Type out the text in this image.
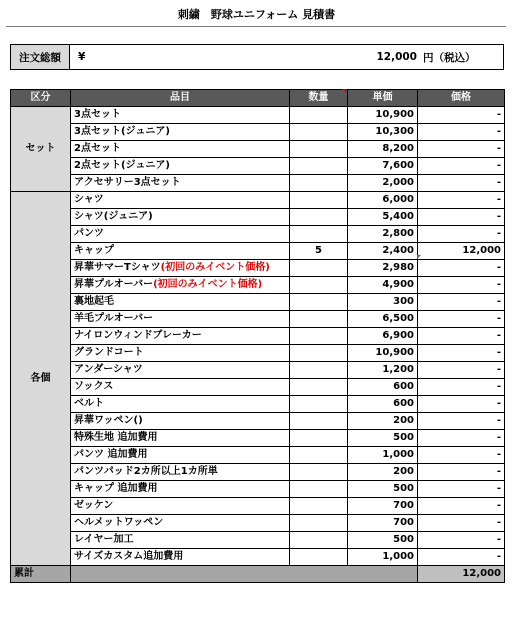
刺繍　野球ユニフォーム 見積書
注文総額	¥	12,000 円（税込）
区分	品目	数量	単価	価格
セット	3点セット		10,900	-
	3点セット(ジュニア)		10,300	-
	2点セット		8,200	-
	2点セット(ジュニア)		7,600	-
	アクセサリー3点セット		2,000	-
各個	シャツ		6,000	-
	シャツ(ジュニア)		5,400	-
	パンツ		2,800	-
	キャップ	5	2,400	12,000
	昇華サマーTシャツ(初回のみイベント価格)		2,980	-
	昇華プルオーバー(初回のみイベント価格)		4,900	-
	裏地起毛		300	-
	羊毛プルオーバー		6,500	-
	ナイロンウィンドブレーカー		6,900	-
	グランドコート		10,900	-
	アンダーシャツ		1,200	-
	ソックス		600	-
	ベルト		600	-
	昇華ワッペン()		200	-
	特殊生地 追加費用		500	-
	パンツ 追加費用		1,000	-
	パンツパッド2カ所以上1カ所単		200	-
	キャップ 追加費用		500	-
	ゼッケン		700	-
	ヘルメットワッペン		700	-
	レイヤー加工		500	-
	サイズカスタム追加費用		1,000	-
累計				12,000
